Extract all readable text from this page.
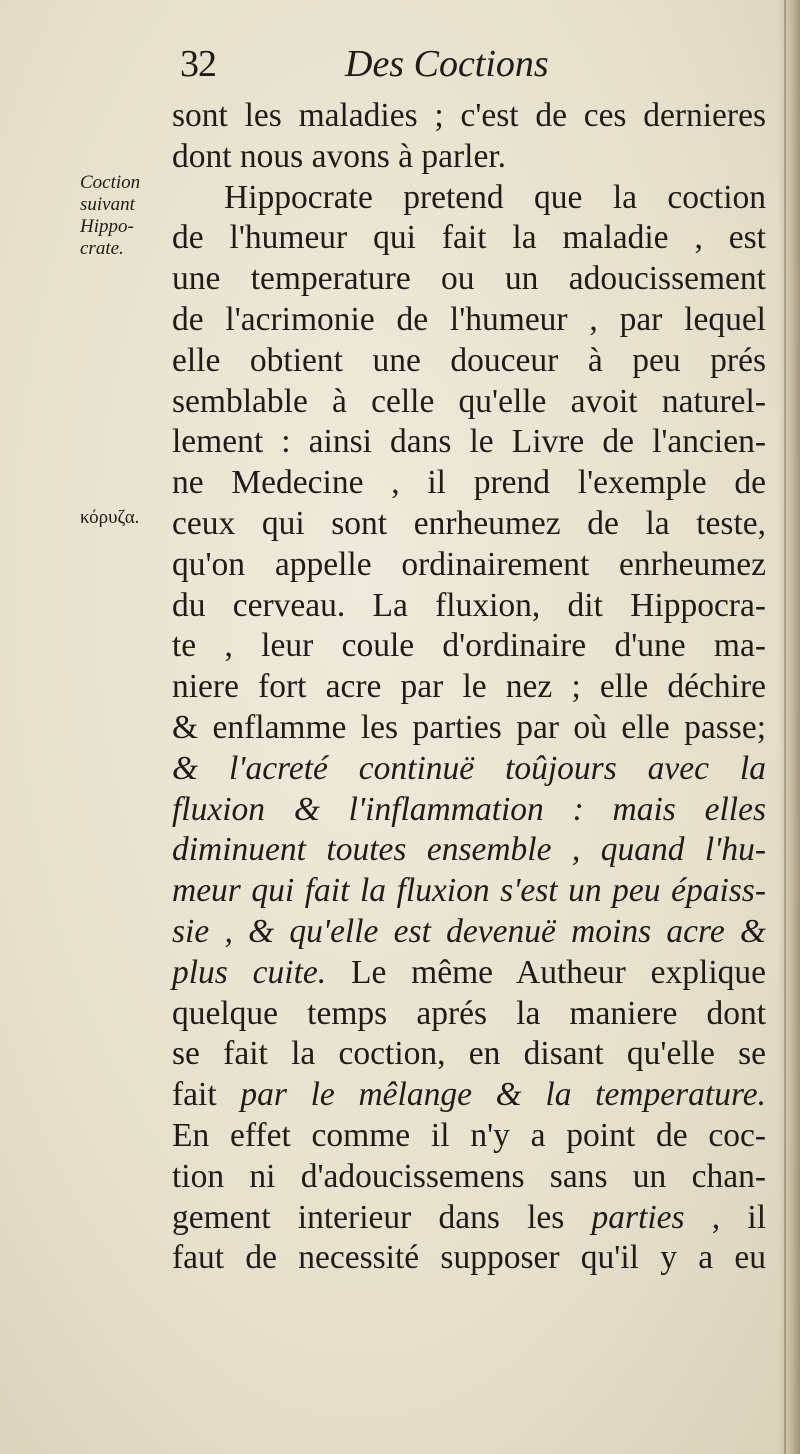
32	Des Coctions
Coction
suivant
Hippo-
crate.
κόρυζα.
sont les maladies ; c'est de ces dernieres
dont nous avons à parler.
Hippocrate pretend que la coction
de l'humeur qui fait la maladie , est
une temperature ou un adoucissement
de l'acrimonie de l'humeur , par lequel
elle obtient une douceur à peu prés
semblable à celle qu'elle avoit naturel-
lement : ainsi dans le Livre de l'ancien-
ne Medecine , il prend l'exemple de
ceux qui sont enrheumez de la teste,
qu'on appelle ordinairement enrheumez
du cerveau. La fluxion, dit Hippocra-
te , leur coule d'ordinaire d'une ma-
niere fort acre par le nez ; elle déchire
& enflamme les parties par où elle passe;
& l'acreté continuë toûjours avec la
fluxion & l'inflammation : mais elles
diminuent toutes ensemble , quand l'hu-
meur qui fait la fluxion s'est un peu épaiss-
sie , & qu'elle est devenuë moins acre &
plus cuite. Le même Autheur explique
quelque temps aprés la maniere dont
se fait la coction, en disant qu'elle se
fait par le mêlange & la temperature.
En effet comme il n'y a point de coc-
tion ni d'adoucissemens sans un chan-
gement interieur dans les parties , il
faut de necessité supposer qu'il y a eu
